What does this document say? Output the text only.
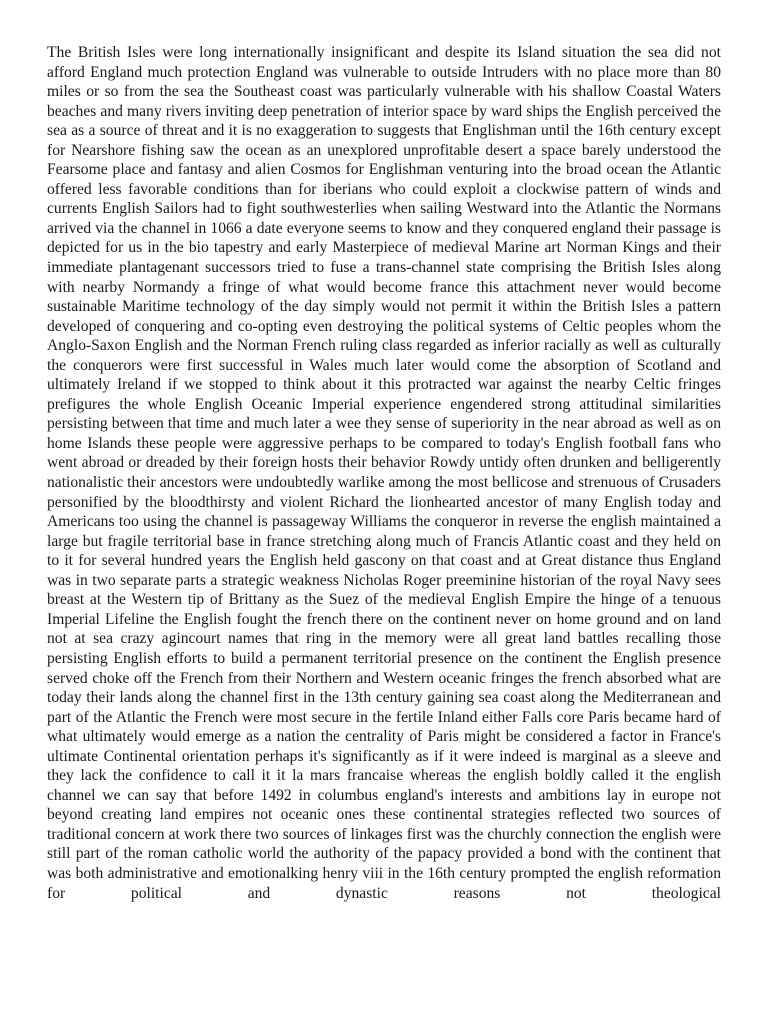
The British Isles were long internationally insignificant and despite its Island situation the sea did not afford England much protection England was vulnerable to outside Intruders with no place more than 80 miles or so from the sea the Southeast coast was particularly vulnerable with his shallow Coastal Waters beaches and many rivers inviting deep penetration of interior space by ward ships the English perceived the sea as a source of threat and it is no exaggeration to suggests that Englishman until the 16th century except for Nearshore fishing saw the ocean as an unexplored unprofitable desert a space barely understood the Fearsome place and fantasy and alien Cosmos for Englishman venturing into the broad ocean the Atlantic offered less favorable conditions than for iberians who could exploit a clockwise pattern of winds and currents English Sailors had to fight southwesterlies when sailing Westward into the Atlantic the Normans arrived via the channel in 1066 a date everyone seems to know and they conquered england their passage is depicted for us in the bio tapestry and early Masterpiece of medieval Marine art Norman Kings and their immediate plantagenant successors tried to fuse a trans-channel state comprising the British Isles along with nearby Normandy a fringe of what would become france this attachment never would become sustainable Maritime technology of the day simply would not permit it within the British Isles a pattern developed of conquering and co-opting even destroying the political systems of Celtic peoples whom the Anglo-Saxon English and the Norman French ruling class regarded as inferior racially as well as culturally the conquerors were first successful in Wales much later would come the absorption of Scotland and ultimately Ireland if we stopped to think about it this protracted war against the nearby Celtic fringes prefigures the whole English Oceanic Imperial experience engendered strong attitudinal similarities persisting between that time and much later a wee they sense of superiority in the near abroad as well as on home Islands these people were aggressive perhaps to be compared to today's English football fans who went abroad or dreaded by their foreign hosts their behavior Rowdy untidy often drunken and belligerently nationalistic their ancestors were undoubtedly warlike among the most bellicose and strenuous of Crusaders personified by the bloodthirsty and violent Richard the lionhearted ancestor of many English today and Americans too using the channel is passageway Williams the conqueror in reverse the english maintained a large but fragile territorial base in france stretching along much of Francis Atlantic coast and they held on to it for several hundred years the English held gascony on that coast and at Great distance thus England was in two separate parts a strategic weakness Nicholas Roger preeminine historian of the royal Navy sees breast at the Western tip of Brittany as the Suez of the medieval English Empire the hinge of a tenuous Imperial Lifeline the English fought the french there on the continent never on home ground and on land not at sea crazy agincourt names that ring in the memory were all great land battles recalling those persisting English efforts to build a permanent territorial presence on the continent the English presence served choke off the French from their Northern and Western oceanic fringes the french absorbed what are today their lands along the channel first in the 13th century gaining sea coast along the Mediterranean and part of the Atlantic the French were most secure in the fertile Inland either Falls core Paris became hard of what ultimately would emerge as a nation the centrality of Paris might be considered a factor in France's ultimate Continental orientation perhaps it's significantly as if it were indeed is marginal as a sleeve and they lack the confidence to call it it la mars francaise whereas the english boldly called it the english channel we can say that before 1492 in columbus england's interests and ambitions lay in europe not beyond creating land empires not oceanic ones these continental strategies reflected two sources of traditional concern at work there two sources of linkages first was the churchly connection the english were still part of the roman catholic world the authority of the papacy provided a bond with the continent that was both administrative and emotionalking henry viii in the 16th century prompted the english reformation for political and dynastic reasons not theological
